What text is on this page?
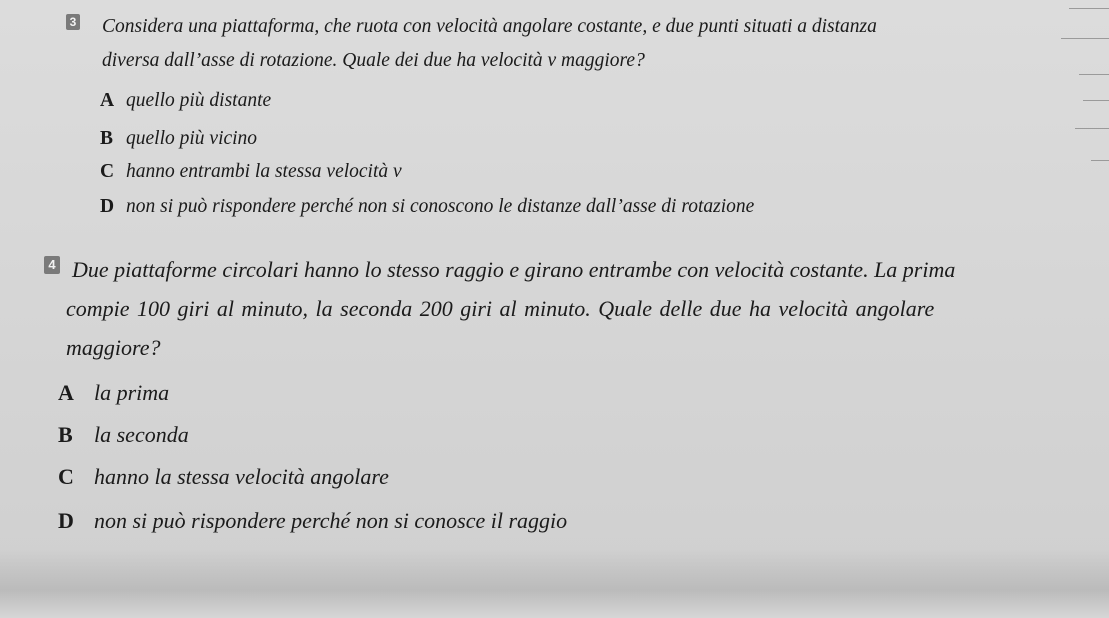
3 Considera una piattaforma, che ruota con velocità angolare costante, e due punti situati a distanza
diversa dall’asse di rotazione. Quale dei due ha velocità v maggiore?
A quello più distante
B quello più vicino
C hanno entrambi la stessa velocità v
D non si può rispondere perché non si conoscono le distanze dall’asse di rotazione
4 Due piattaforme circolari hanno lo stesso raggio e girano entrambe con velocità costante. La prima
compie 100 giri al minuto, la seconda 200 giri al minuto. Quale delle due ha velocità angolare
maggiore?
A la prima
B la seconda
C hanno la stessa velocità angolare
D non si può rispondere perché non si conosce il raggio
